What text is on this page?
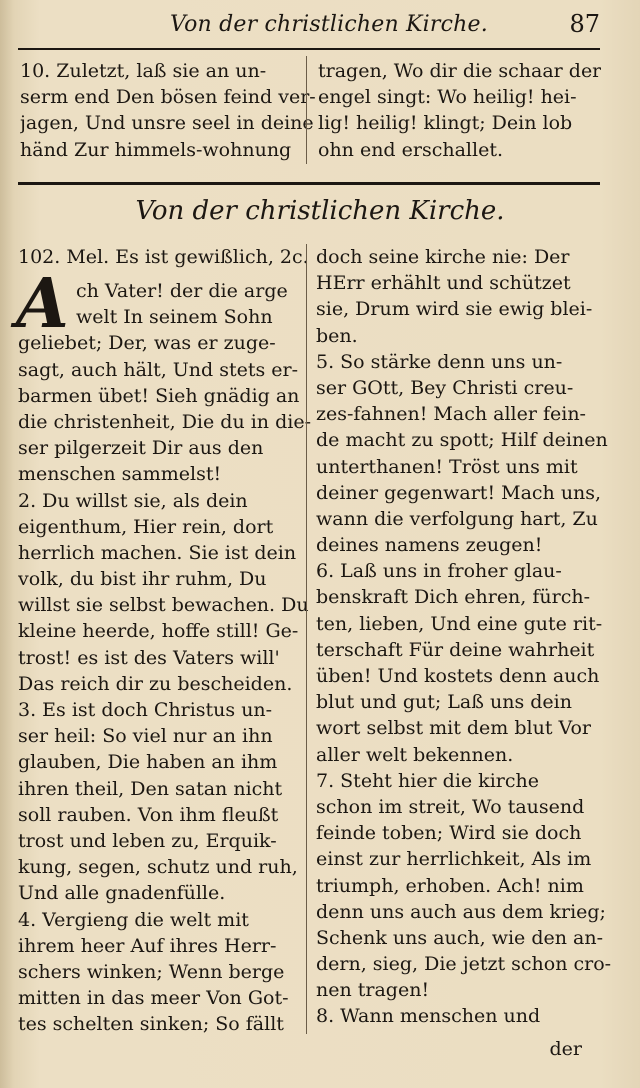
Von der christlichen Kirche.	87
10. Zuletzt, laß sie an un-
serm end Den bösen feind ver-
jagen, Und unsre seel in deine
händ Zur himmels-wohnung
tragen, Wo dir die schaar der
engel singt: Wo heilig! hei-
lig! heilig! klingt; Dein lob
ohn end erschallet.
Von der christlichen Kirche.
102. Mel. Es ist gewißlich, 2c.
A ch Vater! der die arge
welt In seinem Sohn
geliebet; Der, was er zuge-
sagt, auch hält, Und stets er-
barmen übet! Sieh gnädig an
die christenheit, Die du in die-
ser pilgerzeit Dir aus den
menschen sammelst!
2. Du willst sie, als dein
eigenthum, Hier rein, dort
herrlich machen. Sie ist dein
volk, du bist ihr ruhm, Du
willst sie selbst bewachen. Du
kleine heerde, hoffe still! Ge-
trost! es ist des Vaters will'
Das reich dir zu bescheiden.
3. Es ist doch Christus un-
ser heil: So viel nur an ihn
glauben, Die haben an ihm
ihren theil, Den satan nicht
soll rauben. Von ihm fleußt
trost und leben zu, Erquik-
kung, segen, schutz und ruh,
Und alle gnadenfülle.
4. Vergieng die welt mit
ihrem heer Auf ihres Herr-
schers winken; Wenn berge
mitten in das meer Von Got-
tes schelten sinken; So fällt
doch seine kirche nie: Der
HErr erhählt und schützet
sie, Drum wird sie ewig blei-
ben.
5. So stärke denn uns un-
ser GOtt, Bey Christi creu-
zes-fahnen! Mach aller fein-
de macht zu spott; Hilf deinen
unterthanen! Tröst uns mit
deiner gegenwart! Mach uns,
wann die verfolgung hart, Zu
deines namens zeugen!
6. Laß uns in froher glau-
benskraft Dich ehren, fürch-
ten, lieben, Und eine gute rit-
terschaft Für deine wahrheit
üben! Und kostets denn auch
blut und gut; Laß uns dein
wort selbst mit dem blut Vor
aller welt bekennen.
7. Steht hier die kirche
schon im streit, Wo tausend
feinde toben; Wird sie doch
einst zur herrlichkeit, Als im
triumph, erhoben. Ach! nim
denn uns auch aus dem krieg;
Schenk uns auch, wie den an-
dern, sieg, Die jetzt schon cro-
nen tragen!
8. Wann menschen und
der
